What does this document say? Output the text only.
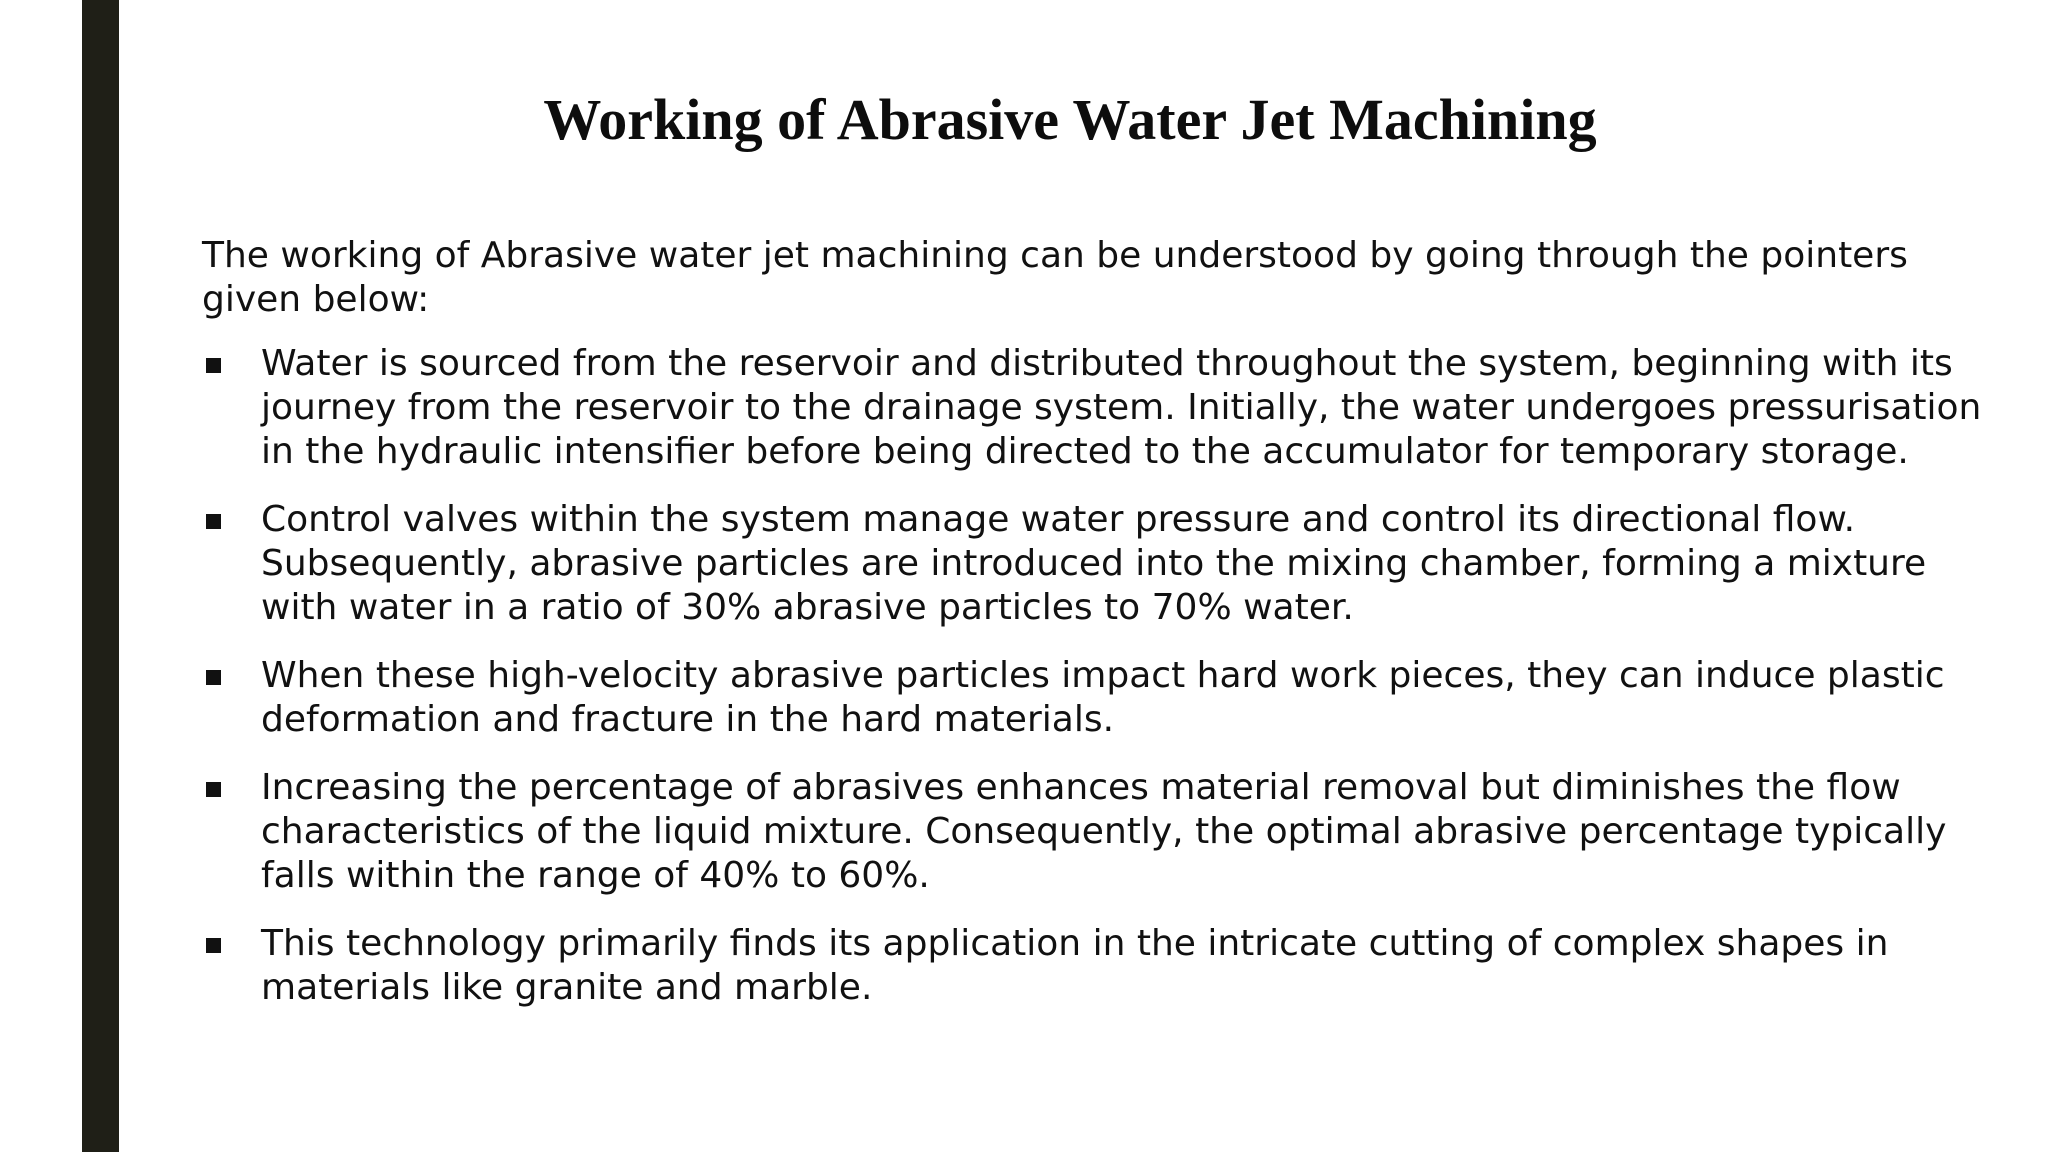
Working of Abrasive Water Jet Machining

The working of Abrasive water jet machining can be understood by going through the pointers given below:

Water is sourced from the reservoir and distributed throughout the system, beginning with its journey from the reservoir to the drainage system. Initially, the water undergoes pressurisation in the hydraulic intensifier before being directed to the accumulator for temporary storage.
Control valves within the system manage water pressure and control its directional flow. Subsequently, abrasive particles are introduced into the mixing chamber, forming a mixture with water in a ratio of 30% abrasive particles to 70% water.
When these high-velocity abrasive particles impact hard work pieces, they can induce plastic deformation and fracture in the hard materials.
Increasing the percentage of abrasives enhances material removal but diminishes the flow characteristics of the liquid mixture. Consequently, the optimal abrasive percentage typically falls within the range of 40% to 60%.
This technology primarily finds its application in the intricate cutting of complex shapes in materials like granite and marble.
